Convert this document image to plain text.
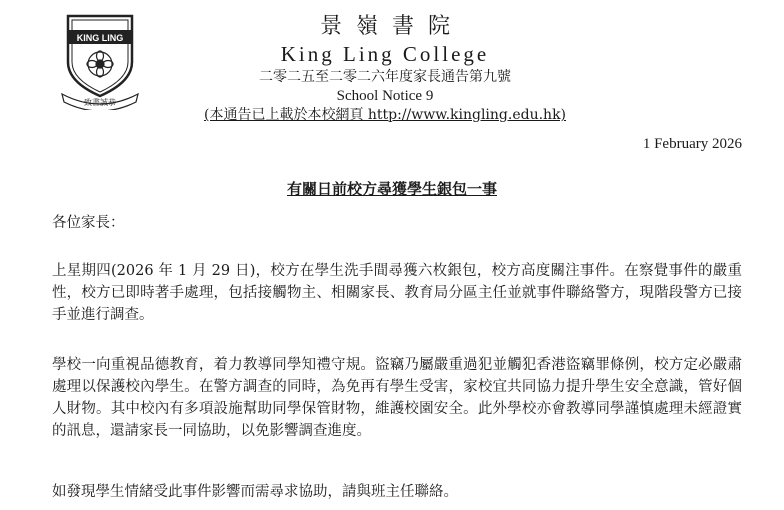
KING LING
致書誠恭
景嶺書院
King Ling College
二零二五至二零二六年度家長通告第九號
School Notice 9
(本通告已上載於本校網頁 http://www.kingling.edu.hk)
1 February 2026
有關日前校方尋獲學生銀包一事
各位家長：

上星期四(2026 年 1 月 29 日)，校方在學生洗手間尋獲六枚銀包，校方高度關注事件。在察覺事件的嚴重性，校方已即時著手處理，包括接觸物主、相關家長、教育局分區主任並就事件聯絡警方，現階段警方已接手並進行調查。

學校一向重視品德教育，着力教導同學知禮守規。盜竊乃屬嚴重過犯並觸犯香港盜竊罪條例，校方定必嚴肅處理以保護校內學生。在警方調查的同時，為免再有學生受害，家校宜共同協力提升學生安全意識，管好個人財物。其中校內有多項設施幫助同學保管財物，維護校園安全。此外學校亦會教導同學謹慎處理未經證實的訊息，還請家長一同協助，以免影響調查進度。

如發現學生情緒受此事件影響而需尋求協助，請與班主任聯絡。
